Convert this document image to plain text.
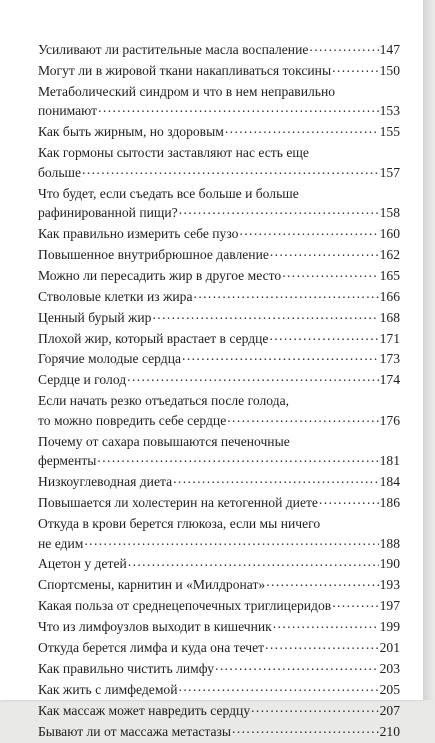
Усиливают ли растительные масла воспаление . . .	147
Могут ли в жировой ткани накапливаться токсины . . .	150
Метаболический синдром и что в нем неправильно
понимают . . .	153
Как быть жирным, но здоровым . . .	155
Как гормоны сытости заставляют нас есть еще
больше . . .	157
Что будет, если съедать все больше и больше
рафинированной пищи? . . .	158
Как правильно измерить себе пузо . . .	160
Повышенное внутрибрюшное давление . . .	162
Можно ли пересадить жир в другое место . . .	165
Стволовые клетки из жира . . .	166
Ценный бурый жир . . .	168
Плохой жир, который врастает в сердце . . .	171
Горячие молодые сердца . . .	173
Сердце и голод . . .	174
Если начать резко отъедаться после голода,
то можно повредить себе сердце . . .	176
Почему от сахара повышаются печеночные
ферменты . . .	181
Низкоуглеводная диета . . .	184
Повышается ли холестерин на кетогенной диете . . .	186
Откуда в крови берется глюкоза, если мы ничего
не едим . . .	188
Ацетон у детей . . .	190
Спортсмены, карнитин и «Милдронат» . . .	193
Какая польза от среднецепочечных триглицеридов . . .	197
Что из лимфоузлов выходит в кишечник . . .	199
Откуда берется лимфа и куда она течет . . .	201
Как правильно чистить лимфу . . .	203
Как жить с лимфедемой . . .	205
Как массаж может навредить сердцу . . .	207
Бывают ли от массажа метастазы . . .	210
